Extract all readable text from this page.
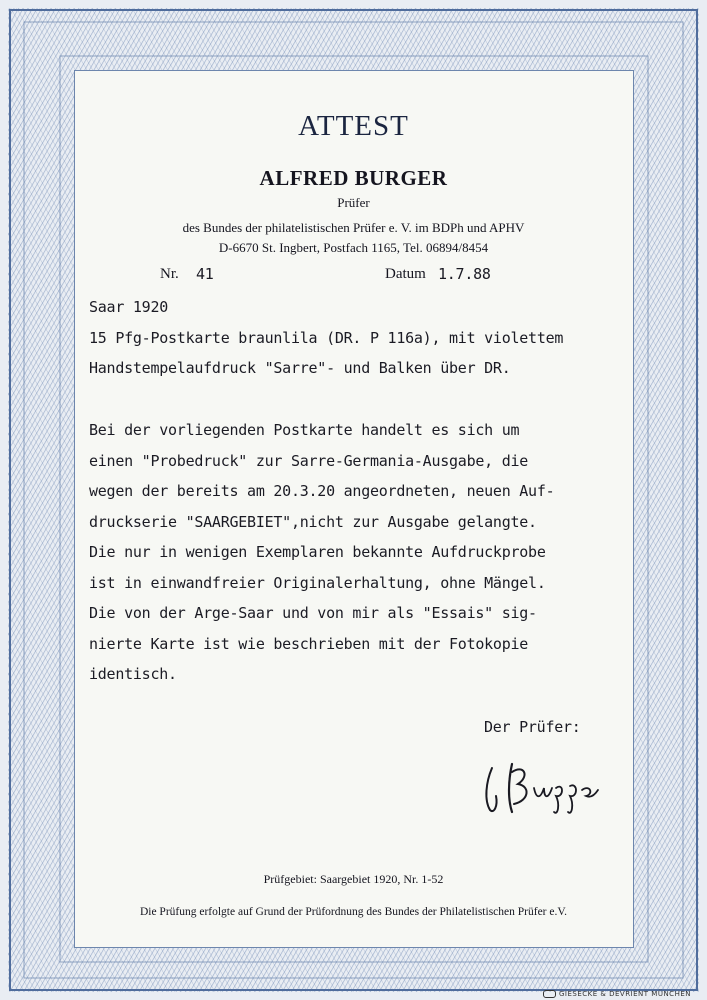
ATTEST
ALFRED BURGER
Prüfer
des Bundes der philatelistischen Prüfer e. V. im BDPh und APHV
D-6670 St. Ingbert, Postfach 1165, Tel. 06894/8454
Nr. 41	Datum 1.7.88
Saar 1920
15 Pfg-Postkarte braunlila (DR. P 116a), mit violettem
Handstempelaufdruck "Sarre"- und Balken über DR.
Bei der vorliegenden Postkarte handelt es sich um
einen "Probedruck" zur Sarre-Germania-Ausgabe, die
wegen der bereits am 20.3.20 angeordneten, neuen Auf-
druckserie "SAARGEBIET",nicht zur Ausgabe gelangte.
Die nur in wenigen Exemplaren bekannte Aufdruckprobe
ist in einwandfreier Originalerhaltung, ohne Mängel.
Die von der Arge-Saar und von mir als "Essais" sig-
nierte Karte ist wie beschrieben mit der Fotokopie
identisch.
Der Prüfer:
Prüfgebiet: Saargebiet 1920, Nr. 1-52
Die Prüfung erfolgte auf Grund der Prüfordnung des Bundes der Philatelistischen Prüfer e.V.
GIESECKE & DEVRIENT MÜNCHEN
